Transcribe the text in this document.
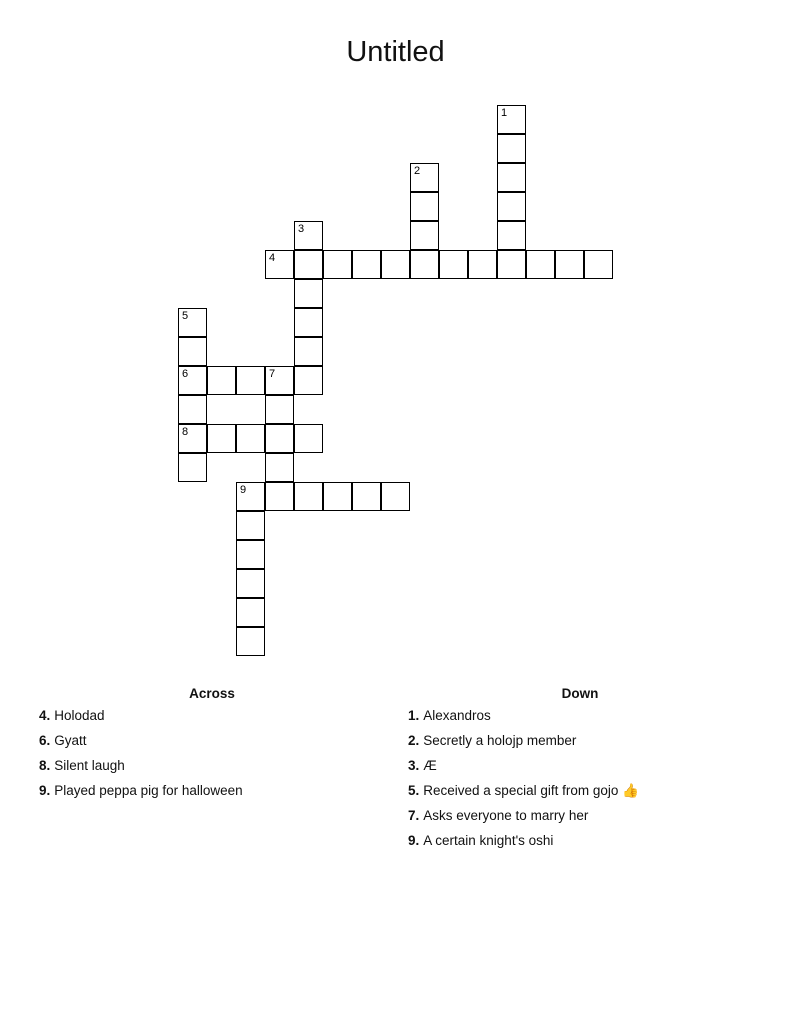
Untitled
1
2
3
4
5
6
8
7
9
Across
4. Holodad
6. Gyatt
8. Silent laugh
9. Played peppa pig for halloween
Down
1. Alexandros
2. Secretly a holojp member
3. Æ
5. Received a special gift from gojo 👍
7. Asks everyone to marry her
9. A certain knight's oshi
